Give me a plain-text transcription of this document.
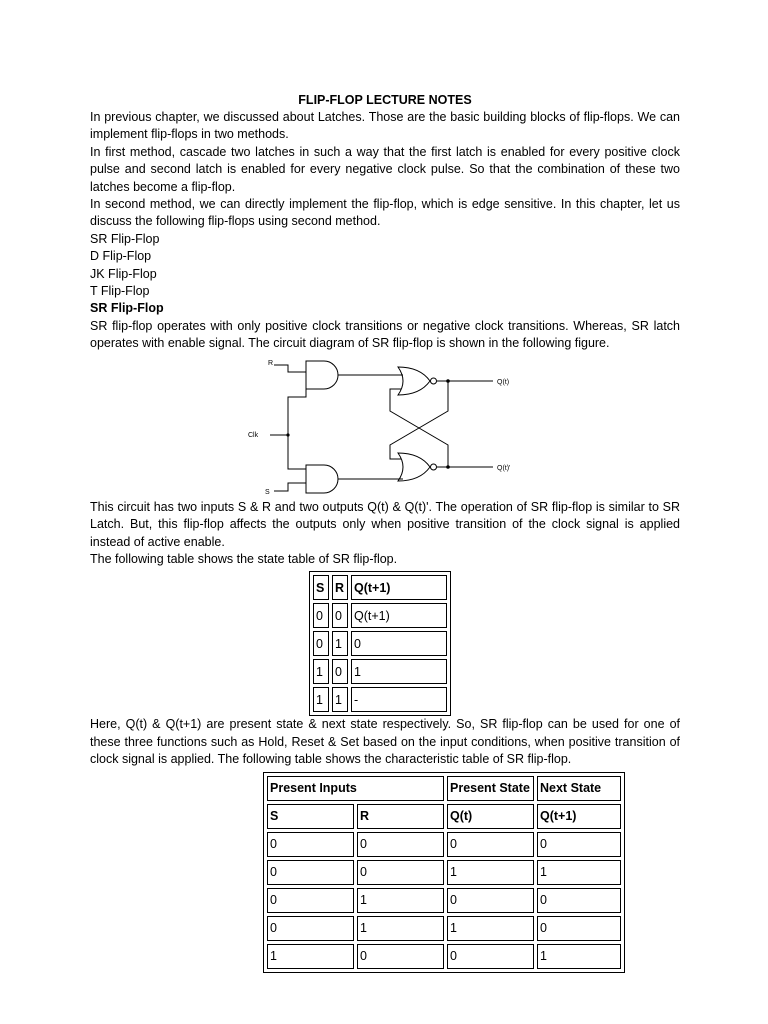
FLIP-FLOP LECTURE NOTES

In previous chapter, we discussed about Latches. Those are the basic building blocks of flip-flops. We can implement flip-flops in two methods.

In first method, cascade two latches in such a way that the first latch is enabled for every positive clock pulse and second latch is enabled for every negative clock pulse. So that the combination of these two latches become a flip-flop.

In second method, we can directly implement the flip-flop, which is edge sensitive. In this chapter, let us discuss the following flip-flops using second method.

SR Flip-Flop
D Flip-Flop
JK Flip-Flop
T Flip-Flop
SR Flip-Flop

SR flip-flop operates with only positive clock transitions or negative clock transitions. Whereas, SR latch operates with enable signal. The circuit diagram of SR flip-flop is shown in the following figure.

R
Clk
S
Q(t)
Q(t)'

This circuit has two inputs S & R and two outputs Q(t) & Q(t)'. The operation of SR flip-flop is similar to SR Latch. But, this flip-flop affects the outputs only when positive transition of the clock signal is applied instead of active enable.

The following table shows the state table of SR flip-flop.

S	R	Q(t+1)
0	0	Q(t+1)
0	1	0
1	0	1
1	1	-

Here, Q(t) & Q(t+1) are present state & next state respectively. So, SR flip-flop can be used for one of these three functions such as Hold, Reset & Set based on the input conditions, when positive transition of clock signal is applied. The following table shows the characteristic table of SR flip-flop.

Present Inputs		Present State	Next State
S	R	Q(t)	Q(t+1)
0	0	0	0
0	0	1	1
0	1	0	0
0	1	1	0
1	0	0	1
